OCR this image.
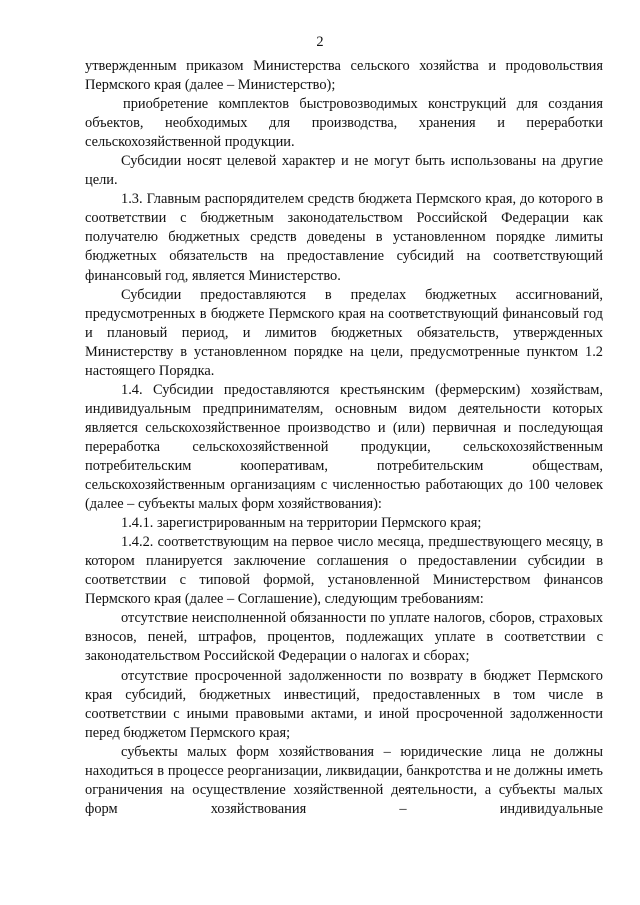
2

утвержденным приказом Министерства сельского хозяйства и продовольствия Пермского края (далее – Министерство);

приобретение комплектов быстровозводимых конструкций для создания объектов, необходимых для производства, хранения и переработки сельскохозяйственной продукции.

Субсидии носят целевой характер и не могут быть использованы на другие цели.

1.3. Главным распорядителем средств бюджета Пермского края, до которого в соответствии с бюджетным законодательством Российской Федерации как получателю бюджетных средств доведены в установленном порядке лимиты бюджетных обязательств на предоставление субсидий на соответствующий финансовый год, является Министерство.

Субсидии предоставляются в пределах бюджетных ассигнований, предусмотренных в бюджете Пермского края на соответствующий финансовый год и плановый период, и лимитов бюджетных обязательств, утвержденных Министерству в установленном порядке на цели, предусмотренные пунктом 1.2 настоящего Порядка.

1.4. Субсидии предоставляются крестьянским (фермерским) хозяйствам, индивидуальным предпринимателям, основным видом деятельности которых является сельскохозяйственное производство и (или) первичная и последующая переработка сельскохозяйственной продукции, сельскохозяйственным потребительским кооперативам, потребительским обществам, сельскохозяйственным организациям с численностью работающих до 100 человек (далее – субъекты малых форм хозяйствования):

1.4.1. зарегистрированным на территории Пермского края;

1.4.2. соответствующим на первое число месяца, предшествующего месяцу, в котором планируется заключение соглашения о предоставлении субсидии в соответствии с типовой формой, установленной Министерством финансов Пермского края (далее – Соглашение), следующим требованиям:

отсутствие неисполненной обязанности по уплате налогов, сборов, страховых взносов, пеней, штрафов, процентов, подлежащих уплате в соответствии с законодательством Российской Федерации о налогах и сборах;

отсутствие просроченной задолженности по возврату в бюджет Пермского края субсидий, бюджетных инвестиций, предоставленных в том числе в соответствии с иными правовыми актами, и иной просроченной задолженности перед бюджетом Пермского края;

субъекты малых форм хозяйствования – юридические лица не должны находиться в процессе реорганизации, ликвидации, банкротства и не должны иметь ограничения на осуществление хозяйственной деятельности, а субъекты малых форм хозяйствования – индивидуальные
